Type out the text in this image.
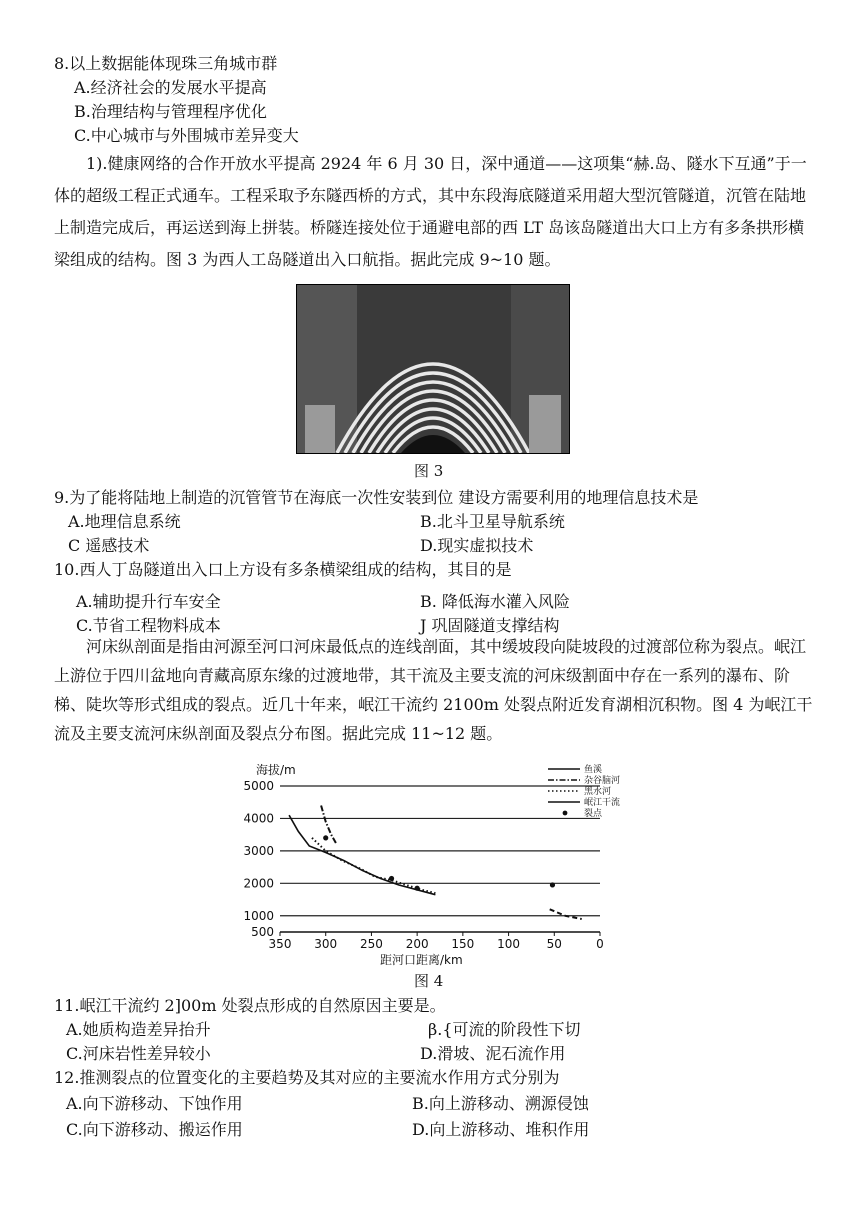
8.以上数据能体现珠三角城市群
A.经济社会的发展水平提高
B.治理结构与管理程序优化
C.中心城市与外围城市差异变大
1).健康网络的合作开放水平提高 2924 年 6 月 30 日，深中通道——这项集“赫.岛、隧水下互通”于一体的超级工程正式通车。工程采取予东隧西桥的方式，其中东段海底隧道采用超大型沉管隧道，沉管在陆地上制造完成后，再运送到海上拼装。桥隧连接处位于通避电部的西 LT 岛该岛隧道出大口上方有多条拱形横梁组成的结构。图 3 为西人工岛隧道出入口航指。据此完成 9~10 题。
图 3
9.为了能将陆地上制造的沉管管节在海底一次性安装到位 建设方需要利用的地理信息技术是
A.地理信息系统	B.北斗卫星导航系统
C 遥感技术	D.现实虚拟技术
10.西人丁岛隧道出入口上方设有多条横梁组成的结构，其目的是
A.辅助提升行车安全	B. 降低海水灌入风险
C.节省工程物料成本	J 巩固隧道支撑结构
河床纵剖面是指由河源至河口河床最低点的连线剖面，其中缓坡段向陡坡段的过渡部位称为裂点。岷江上游位于四川盆地向青藏高原东缘的过渡地带，其干流及主要支流的河床级割面中存在一系列的瀑布、阶梯、陡坎等形式组成的裂点。近几十年来，岷江干流约 2100m 处裂点附近发育湖相沉积物。图 4 为岷江干流及主要支流河床纵剖面及裂点分布图。据此完成 11~12 题。
海拔/m
距河口距离/km
350 300 250 200 150 100 50	0
5000
4000
3000
2000
1000
500
鱼溪
杂谷脑河
黑水河
岷江干流
裂点
图 4
11.岷江干流约 2]00m 处裂点形成的自然原因主要是。
A.她质构造差异抬升	β.{可流的阶段性下切
C.河床岩性差异较小	D.滑坡、泥石流作用
12.推测裂点的位置变化的主要趋势及其对应的主要流水作用方式分别为
A.向下游移动、下蚀作用	B.向上游移动、溯源侵蚀
C.向下游移动、搬运作用	D.向上游移动、堆积作用
